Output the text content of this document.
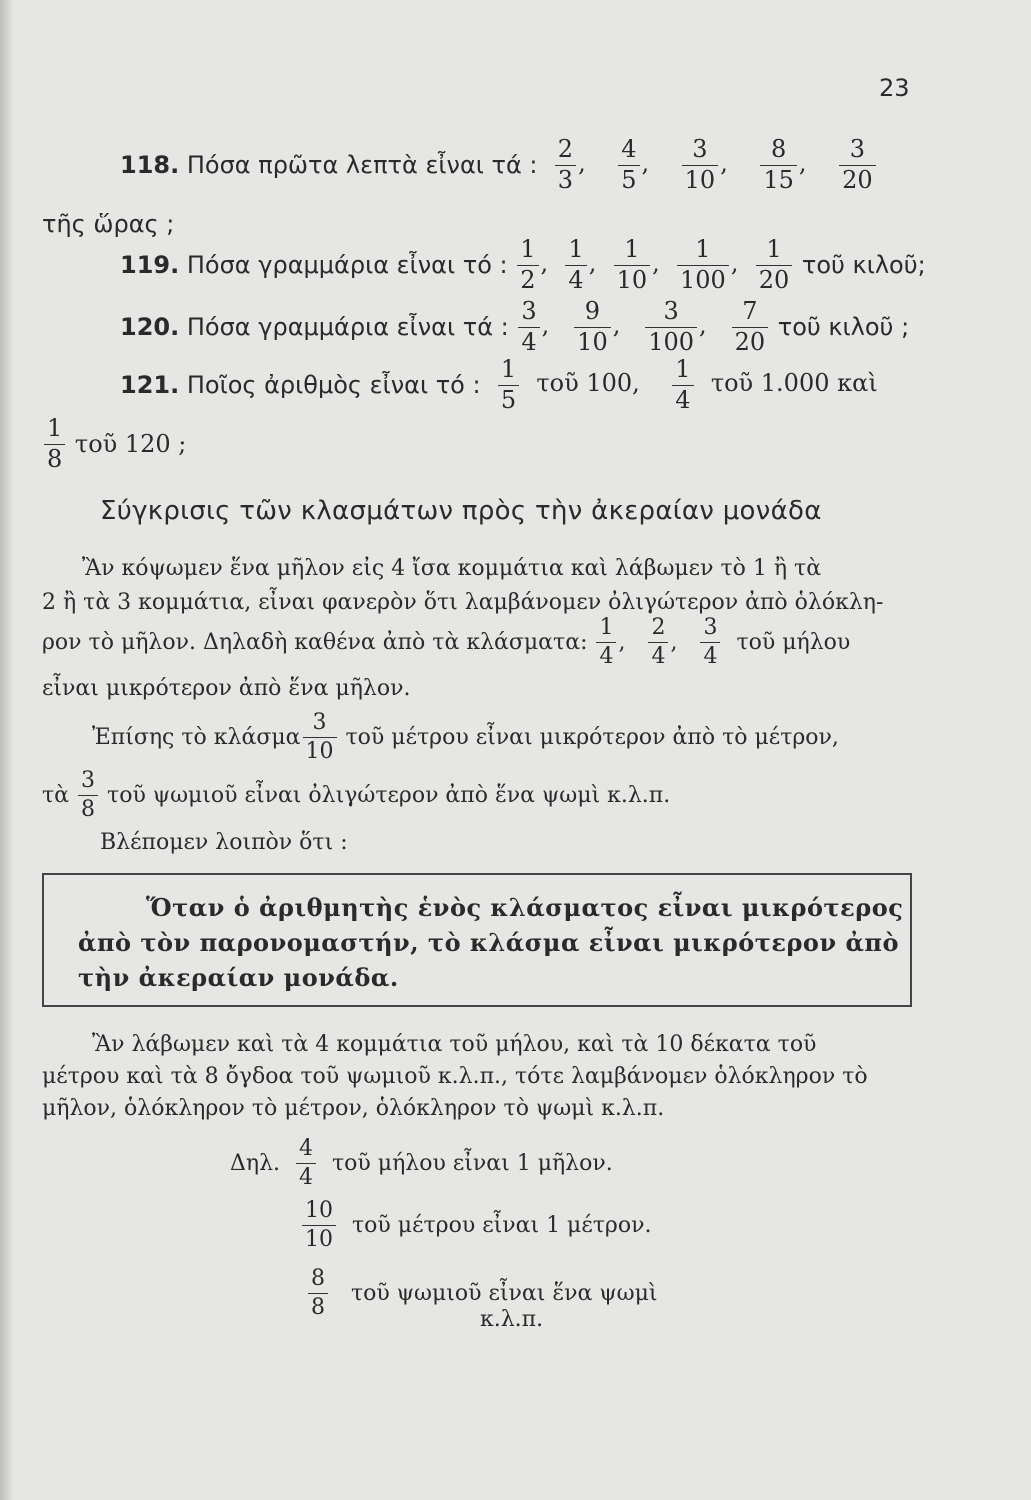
23
118.
Πόσα πρῶτα λεπτὰ εἶναι τά :
$\frac{2}{3}$ , $\frac{4}{5}$ , $\frac{3}{10}$ , $\frac{8}{15}$ , $\frac{3}{20}$
τῆς ὥρας ;
119.
Πόσα γραμμάρια εἶναι τό :
$\frac{1}{2}$ , $\frac{1}{4}$ , $\frac{1}{10}$ , $\frac{1}{100}$ , $\frac{1}{20}$
τοῦ κιλοῦ;
120.
Πόσα γραμμάρια εἶναι τά :
$\frac{3}{4}$ , $\frac{9}{10}$ , $\frac{3}{100}$ , $\frac{7}{20}$
τοῦ κιλοῦ ;
121.
Ποῖος ἀριθμὸς εἶναι τό :
$\frac{1}{5}$ τοῦ 100, $\frac{1}{4}$ τοῦ 1.000 καὶ
$\frac{1}{8}$
τοῦ 120 ;
Σύγκρισις τῶν κλασμάτων πρὸς τὴν ἀκεραίαν μονάδα
Ἂν κόψωμεν ἕνα μῆλον εἰς 4 ἴσα κομμάτια καὶ λάβωμεν τὸ 1 ἢ τὰ
2 ἢ τὰ 3 κομμάτια, εἶναι φανερὸν ὅτι λαμβάνομεν ὀλιγώτερον ἀπὸ ὁλόκλη-
ρον τὸ μῆλον. Δηλαδὴ καθένα ἀπὸ τὰ κλάσματα:
$\frac{1}{4}$ , $\frac{2}{4}$ , $\frac{3}{4}$
τοῦ μήλου
εἶναι μικρότερον ἀπὸ ἕνα μῆλον.
Ἐπίσης τὸ κλάσμα $\frac{3}{10}$
τοῦ μέτρου εἶναι μικρότερον ἀπὸ τὸ μέτρον,
τὰ
$\frac{3}{8}$
τοῦ ψωμιοῦ εἶναι ὀλιγώτερον ἀπὸ ἕνα ψωμὶ κ.λ.π.
Βλέπομεν λοιπὸν ὅτι :
Ὅταν ὁ ἀριθμητὴς ἑνὸς κλάσματος εἶναι μικρότερος
ἀπὸ τὸν παρονομαστήν, τὸ κλάσμα εἶναι μικρότερον ἀπὸ
τὴν ἀκεραίαν μονάδα.
Ἂν λάβωμεν καὶ τὰ 4 κομμάτια τοῦ μήλου, καὶ τὰ 10 δέκατα τοῦ
μέτρου καὶ τὰ 8 ὄγδοα τοῦ ψωμιοῦ κ.λ.π., τότε λαμβάνομεν ὁλόκληρον τὸ
μῆλον, ὁλόκληρον τὸ μέτρον, ὁλόκληρον τὸ ψωμὶ κ.λ.π.
Δηλ.
$\frac{4}{4}$
τοῦ μήλου εἶναι 1 μῆλον.
$\frac{10}{10}$
τοῦ μέτρου εἶναι 1 μέτρον.
$\frac{8}{8}$
τοῦ ψωμιοῦ εἶναι ἕνα ψωμὶ
κ.λ.π.
